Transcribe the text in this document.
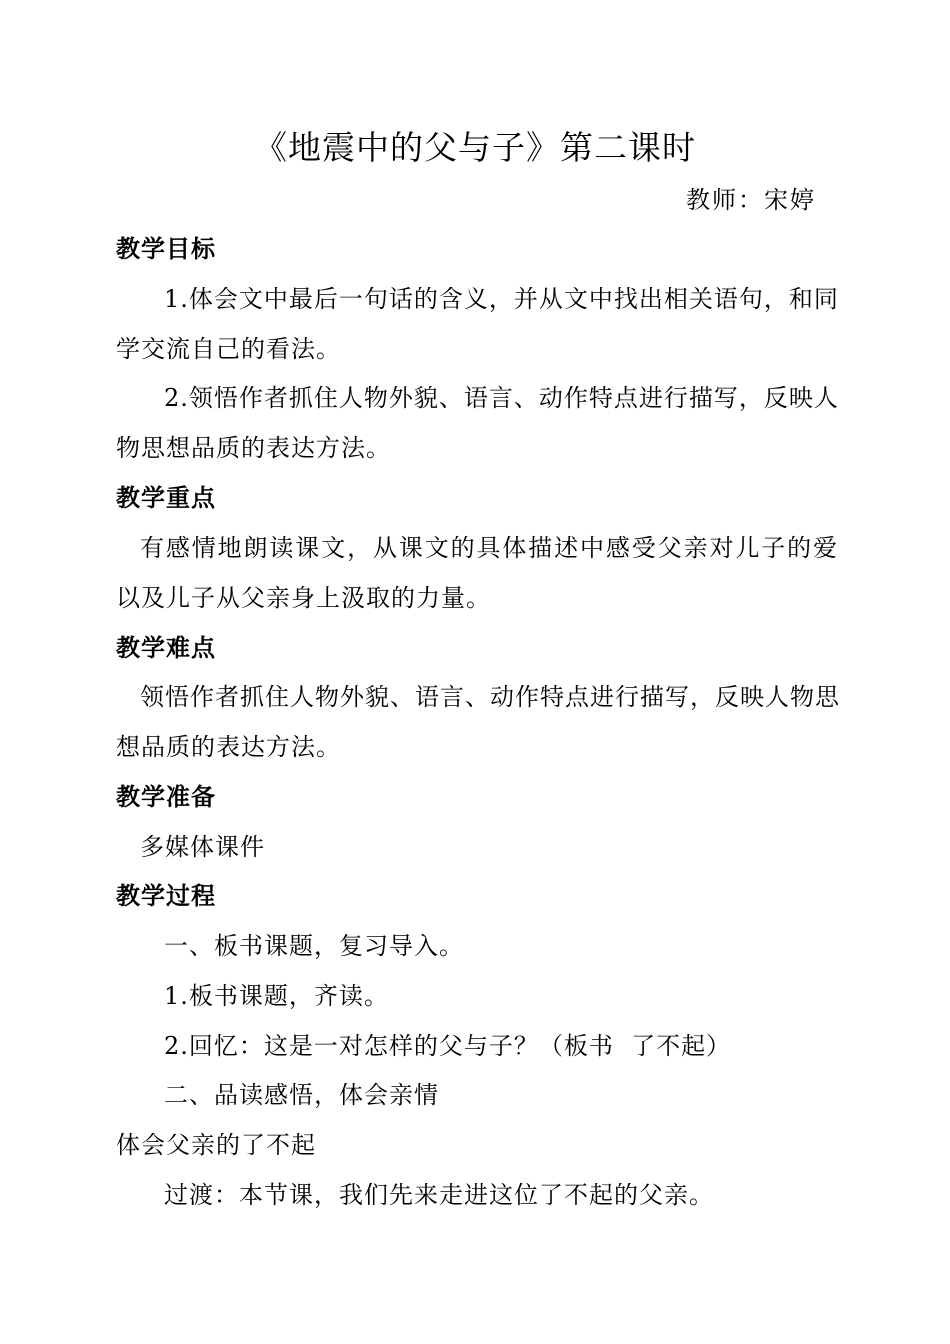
《地震中的父与子》第二课时
教师：宋婷
教学目标
1.体会文中最后一句话的含义，并从文中找出相关语句，和同
学交流自己的看法。
2.领悟作者抓住人物外貌、语言、动作特点进行描写，反映人
物思想品质的表达方法。
教学重点
有感情地朗读课文，从课文的具体描述中感受父亲对儿子的爱
以及儿子从父亲身上汲取的力量。
教学难点
领悟作者抓住人物外貌、语言、动作特点进行描写，反映人物思
想品质的表达方法。
教学准备
多媒体课件
教学过程
一、板书课题，复习导入。
1.板书课题，齐读。
2.回忆：这是一对怎样的父与子？（板书  了不起）
二、品读感悟，体会亲情
体会父亲的了不起
过渡：本节课，我们先来走进这位了不起的父亲。
